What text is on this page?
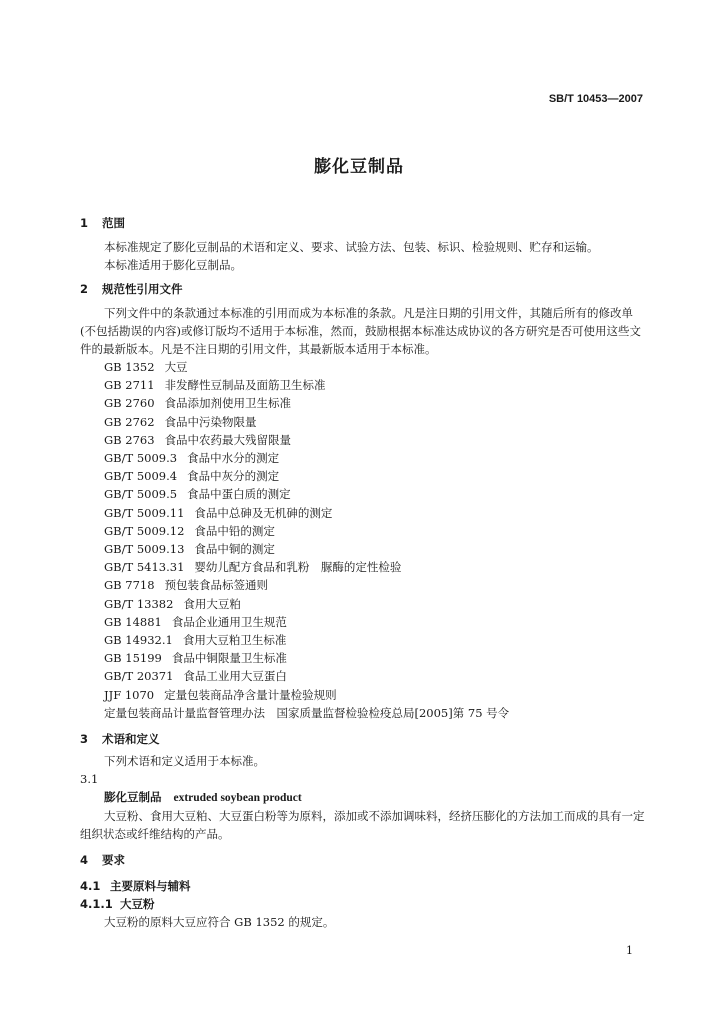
SB/T 10453—2007
膨化豆制品
1 范围
本标准规定了膨化豆制品的术语和定义、要求、试验方法、包装、标识、检验规则、贮存和运输。
本标准适用于膨化豆制品。
2 规范性引用文件
下列文件中的条款通过本标准的引用而成为本标准的条款。凡是注日期的引用文件，其随后所有的修改单(不包括勘误的内容)或修订版均不适用于本标准，然而，鼓励根据本标准达成协议的各方研究是否可使用这些文件的最新版本。凡是不注日期的引用文件，其最新版本适用于本标准。
GB 1352 大豆
GB 2711 非发酵性豆制品及面筋卫生标准
GB 2760 食品添加剂使用卫生标准
GB 2762 食品中污染物限量
GB 2763 食品中农药最大残留限量
GB/T 5009.3 食品中水分的测定
GB/T 5009.4 食品中灰分的测定
GB/T 5009.5 食品中蛋白质的测定
GB/T 5009.11 食品中总砷及无机砷的测定
GB/T 5009.12 食品中铅的测定
GB/T 5009.13 食品中铜的测定
GB/T 5413.31 婴幼儿配方食品和乳粉　脲酶的定性检验
GB 7718 预包装食品标签通则
GB/T 13382 食用大豆粕
GB 14881 食品企业通用卫生规范
GB 14932.1 食用大豆粕卫生标准
GB 15199 食品中铜限量卫生标准
GB/T 20371 食品工业用大豆蛋白
JJF 1070 定量包装商品净含量计量检验规则
定量包装商品计量监督管理办法　国家质量监督检验检疫总局[2005]第 75 号令
3 术语和定义
下列术语和定义适用于本标准。
3.1
膨化豆制品 extruded soybean product
大豆粉、食用大豆粕、大豆蛋白粉等为原料，添加或不添加调味料，经挤压膨化的方法加工而成的具有一定组织状态或纤维结构的产品。
4 要求
4.1 主要原料与辅料
4.1.1 大豆粉
大豆粉的原料大豆应符合 GB 1352 的规定。
1
